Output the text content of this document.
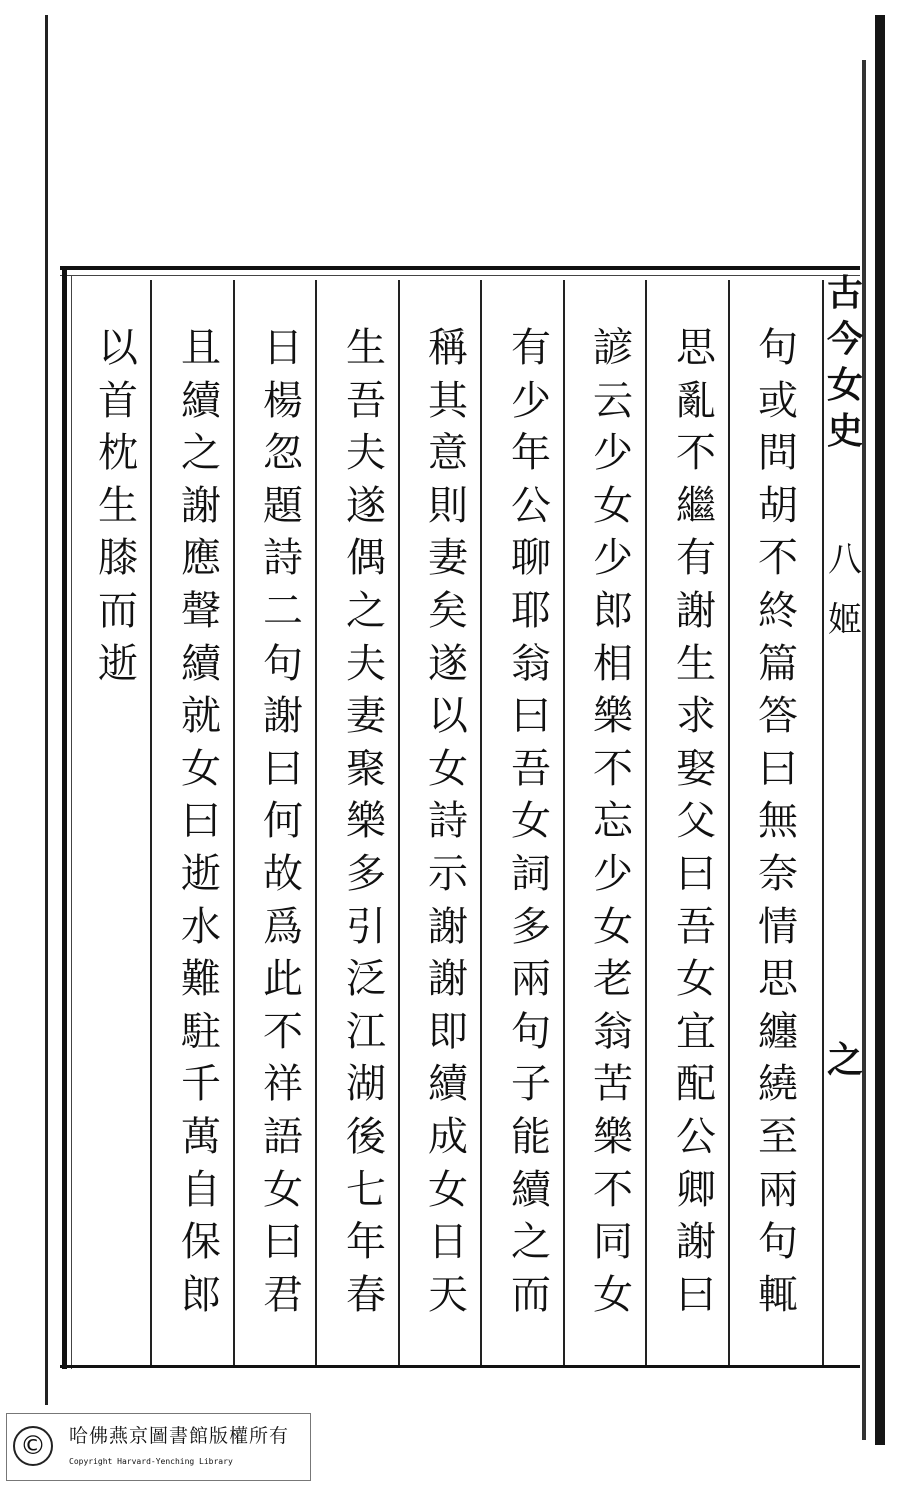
古今女史
八
姬
之
句或問胡不終篇答曰無奈情思纏繞至兩句輒
思亂不繼有謝生求娶父曰吾女宜配公卿謝曰
諺云少女少郎相樂不忘少女老翁苦樂不同女
有少年公聊耶翁曰吾女詞多兩句子能續之而
稱其意則妻矣遂以女詩示謝謝即續成女日天
生吾夫遂偶之夫妻聚樂多引泛江湖後七年春
日楊忽題詩二句謝曰何故爲此不祥語女曰君
且續之謝應聲續就女曰逝水難駐千萬自保郎
以首枕生膝而逝
©	哈佛燕京圖書館版權所有
Copyright Harvard-Yenching Library
